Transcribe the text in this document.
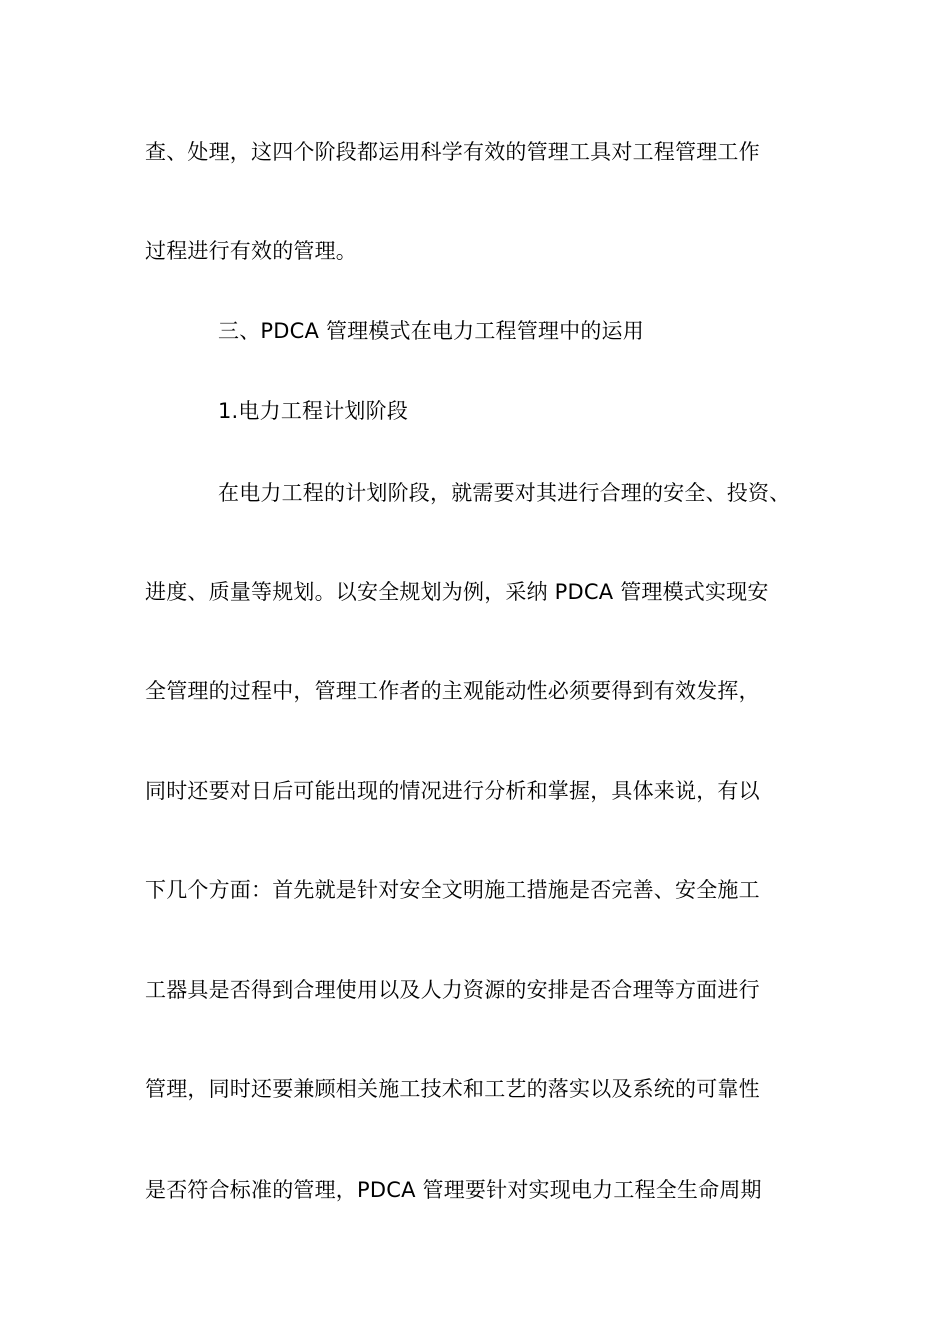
查、处理，这四个阶段都运用科学有效的管理工具对工程管理工作
过程进行有效的管理。
三、PDCA 管理模式在电力工程管理中的运用
1.电力工程计划阶段
在电力工程的计划阶段，就需要对其进行合理的安全、投资、
进度、质量等规划。以安全规划为例，采纳 PDCA 管理模式实现安
全管理的过程中，管理工作者的主观能动性必须要得到有效发挥，
同时还要对日后可能出现的情况进行分析和掌握，具体来说，有以
下几个方面：首先就是针对安全文明施工措施是否完善、安全施工
工器具是否得到合理使用以及人力资源的安排是否合理等方面进行
管理，同时还要兼顾相关施工技术和工艺的落实以及系统的可靠性
是否符合标准的管理，PDCA 管理要针对实现电力工程全生命周期
